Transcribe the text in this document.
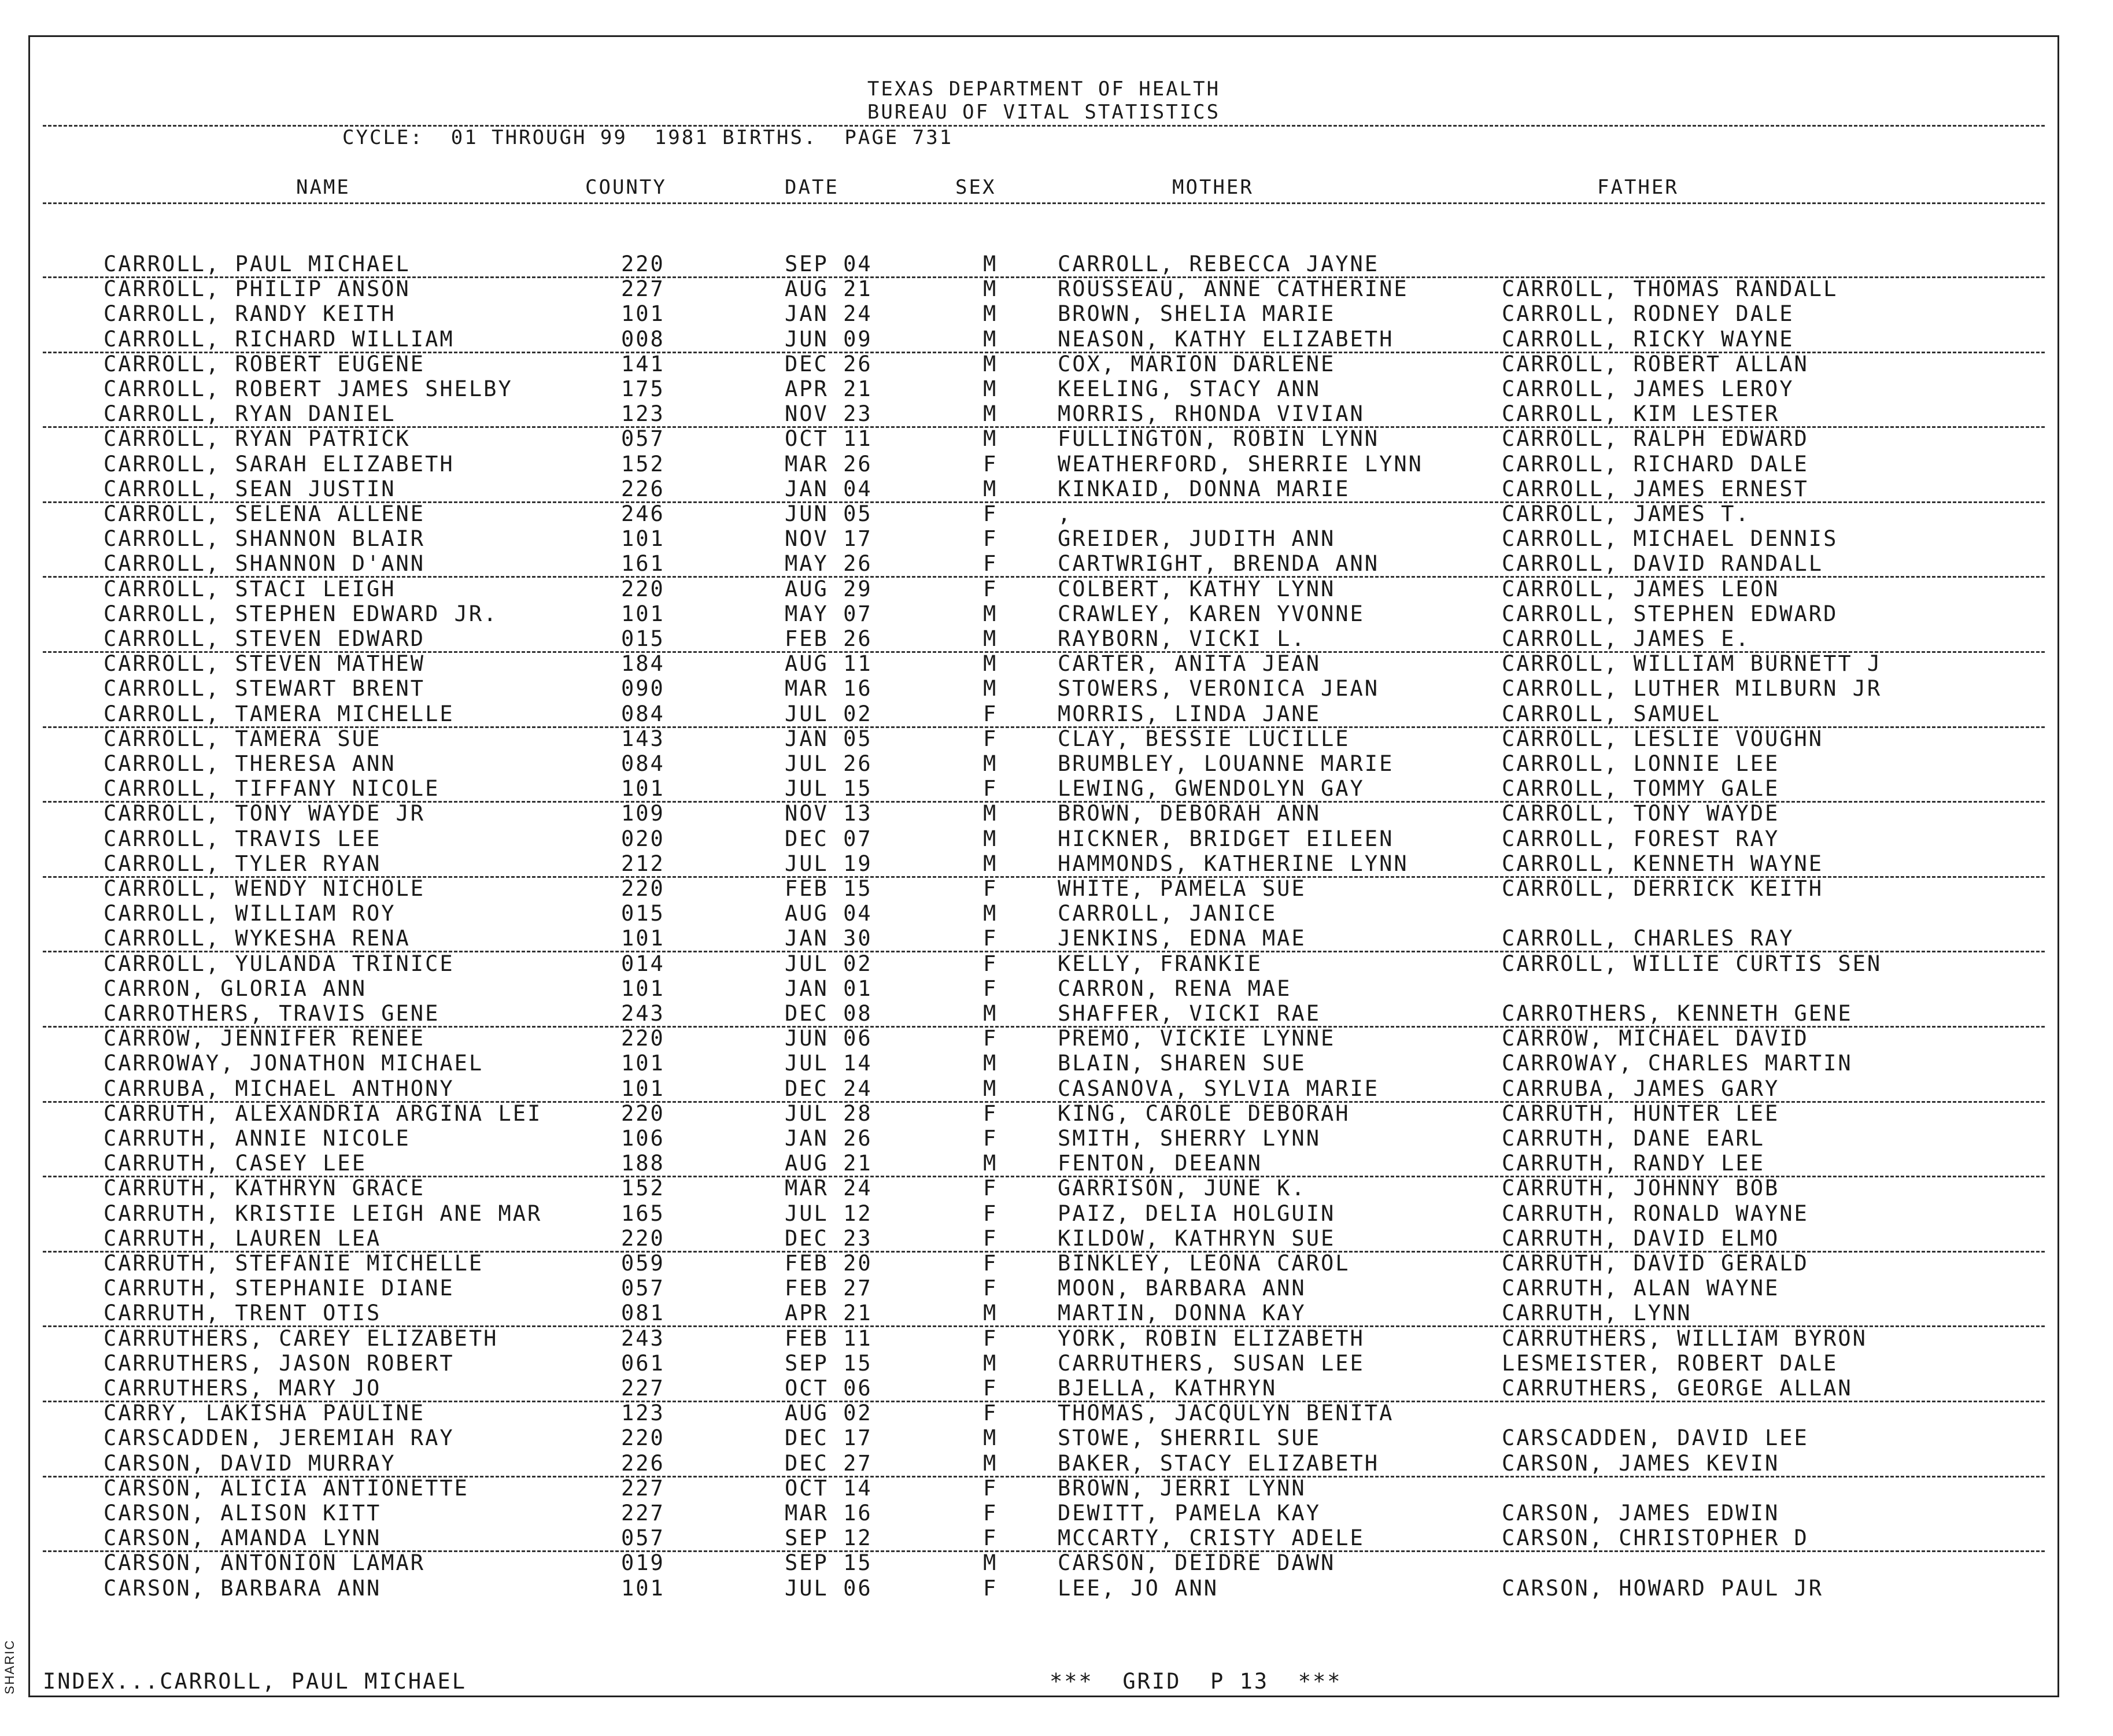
TEXAS DEPARTMENT OF HEALTH
BUREAU OF VITAL STATISTICS
CYCLE:  01 THROUGH 99  1981 BIRTHS.  PAGE 731
NAME	COUNTY	DATE	SEX	MOTHER	FATHER
CARROLL, PAUL MICHAEL	220	SEP 04	M	CARROLL, REBECCA JAYNE
CARROLL, PHILIP ANSON	227	AUG 21	M	ROUSSEAU, ANNE CATHERINE	CARROLL, THOMAS RANDALL
CARROLL, RANDY KEITH	101	JAN 24	M	BROWN, SHELIA MARIE	CARROLL, RODNEY DALE
CARROLL, RICHARD WILLIAM	008	JUN 09	M	NEASON, KATHY ELIZABETH	CARROLL, RICKY WAYNE
CARROLL, ROBERT EUGENE	141	DEC 26	M	COX, MARION DARLENE	CARROLL, ROBERT ALLAN
CARROLL, ROBERT JAMES SHELBY	175	APR 21	M	KEELING, STACY ANN	CARROLL, JAMES LEROY
CARROLL, RYAN DANIEL	123	NOV 23	M	MORRIS, RHONDA VIVIAN	CARROLL, KIM LESTER
CARROLL, RYAN PATRICK	057	OCT 11	M	FULLINGTON, ROBIN LYNN	CARROLL, RALPH EDWARD
CARROLL, SARAH ELIZABETH	152	MAR 26	F	WEATHERFORD, SHERRIE LYNN	CARROLL, RICHARD DALE
CARROLL, SEAN JUSTIN	226	JAN 04	M	KINKAID, DONNA MARIE	CARROLL, JAMES ERNEST
CARROLL, SELENA ALLENE	246	JUN 05	F	,	CARROLL, JAMES T.
CARROLL, SHANNON BLAIR	101	NOV 17	F	GREIDER, JUDITH ANN	CARROLL, MICHAEL DENNIS
CARROLL, SHANNON D'ANN	161	MAY 26	F	CARTWRIGHT, BRENDA ANN	CARROLL, DAVID RANDALL
CARROLL, STACI LEIGH	220	AUG 29	F	COLBERT, KATHY LYNN	CARROLL, JAMES LEON
CARROLL, STEPHEN EDWARD JR.	101	MAY 07	M	CRAWLEY, KAREN YVONNE	CARROLL, STEPHEN EDWARD
CARROLL, STEVEN EDWARD	015	FEB 26	M	RAYBORN, VICKI L.	CARROLL, JAMES E.
CARROLL, STEVEN MATHEW	184	AUG 11	M	CARTER, ANITA JEAN	CARROLL, WILLIAM BURNETT J
CARROLL, STEWART BRENT	090	MAR 16	M	STOWERS, VERONICA JEAN	CARROLL, LUTHER MILBURN JR
CARROLL, TAMERA MICHELLE	084	JUL 02	F	MORRIS, LINDA JANE	CARROLL, SAMUEL
CARROLL, TAMERA SUE	143	JAN 05	F	CLAY, BESSIE LUCILLE	CARROLL, LESLIE VOUGHN
CARROLL, THERESA ANN	084	JUL 26	M	BRUMBLEY, LOUANNE MARIE	CARROLL, LONNIE LEE
CARROLL, TIFFANY NICOLE	101	JUL 15	F	LEWING, GWENDOLYN GAY	CARROLL, TOMMY GALE
CARROLL, TONY WAYDE JR	109	NOV 13	M	BROWN, DEBORAH ANN	CARROLL, TONY WAYDE
CARROLL, TRAVIS LEE	020	DEC 07	M	HICKNER, BRIDGET EILEEN	CARROLL, FOREST RAY
CARROLL, TYLER RYAN	212	JUL 19	M	HAMMONDS, KATHERINE LYNN	CARROLL, KENNETH WAYNE
CARROLL, WENDY NICHOLE	220	FEB 15	F	WHITE, PAMELA SUE	CARROLL, DERRICK KEITH
CARROLL, WILLIAM ROY	015	AUG 04	M	CARROLL, JANICE
CARROLL, WYKESHA RENA	101	JAN 30	F	JENKINS, EDNA MAE	CARROLL, CHARLES RAY
CARROLL, YULANDA TRINICE	014	JUL 02	F	KELLY, FRANKIE	CARROLL, WILLIE CURTIS SEN
CARRON, GLORIA ANN	101	JAN 01	F	CARRON, RENA MAE
CARROTHERS, TRAVIS GENE	243	DEC 08	M	SHAFFER, VICKI RAE	CARROTHERS, KENNETH GENE
CARROW, JENNIFER RENEE	220	JUN 06	F	PREMO, VICKIE LYNNE	CARROW, MICHAEL DAVID
CARROWAY, JONATHON MICHAEL	101	JUL 14	M	BLAIN, SHAREN SUE	CARROWAY, CHARLES MARTIN
CARRUBA, MICHAEL ANTHONY	101	DEC 24	M	CASANOVA, SYLVIA MARIE	CARRUBA, JAMES GARY
CARRUTH, ALEXANDRIA ARGINA LEI	220	JUL 28	F	KING, CAROLE DEBORAH	CARRUTH, HUNTER LEE
CARRUTH, ANNIE NICOLE	106	JAN 26	F	SMITH, SHERRY LYNN	CARRUTH, DANE EARL
CARRUTH, CASEY LEE	188	AUG 21	M	FENTON, DEEANN	CARRUTH, RANDY LEE
CARRUTH, KATHRYN GRACE	152	MAR 24	F	GARRISON, JUNE K.	CARRUTH, JOHNNY BOB
CARRUTH, KRISTIE LEIGH ANE MAR	165	JUL 12	F	PAIZ, DELIA HOLGUIN	CARRUTH, RONALD WAYNE
CARRUTH, LAUREN LEA	220	DEC 23	F	KILDOW, KATHRYN SUE	CARRUTH, DAVID ELMO
CARRUTH, STEFANIE MICHELLE	059	FEB 20	F	BINKLEY, LEONA CAROL	CARRUTH, DAVID GERALD
CARRUTH, STEPHANIE DIANE	057	FEB 27	F	MOON, BARBARA ANN	CARRUTH, ALAN WAYNE
CARRUTH, TRENT OTIS	081	APR 21	M	MARTIN, DONNA KAY	CARRUTH, LYNN
CARRUTHERS, CAREY ELIZABETH	243	FEB 11	F	YORK, ROBIN ELIZABETH	CARRUTHERS, WILLIAM BYRON
CARRUTHERS, JASON ROBERT	061	SEP 15	M	CARRUTHERS, SUSAN LEE	LESMEISTER, ROBERT DALE
CARRUTHERS, MARY JO	227	OCT 06	F	BJELLA, KATHRYN	CARRUTHERS, GEORGE ALLAN
CARRY, LAKISHA PAULINE	123	AUG 02	F	THOMAS, JACQULYN BENITA
CARSCADDEN, JEREMIAH RAY	220	DEC 17	M	STOWE, SHERRIL SUE	CARSCADDEN, DAVID LEE
CARSON, DAVID MURRAY	226	DEC 27	M	BAKER, STACY ELIZABETH	CARSON, JAMES KEVIN
CARSON, ALICIA ANTIONETTE	227	OCT 14	F	BROWN, JERRI LYNN
CARSON, ALISON KITT	227	MAR 16	F	DEWITT, PAMELA KAY	CARSON, JAMES EDWIN
CARSON, AMANDA LYNN	057	SEP 12	F	MCCARTY, CRISTY ADELE	CARSON, CHRISTOPHER D
CARSON, ANTONION LAMAR	019	SEP 15	M	CARSON, DEIDRE DAWN
CARSON, BARBARA ANN	101	JUL 06	F	LEE, JO ANN	CARSON, HOWARD PAUL JR
INDEX...CARROLL, PAUL MICHAEL	***  GRID  P 13  ***
SHARIC
